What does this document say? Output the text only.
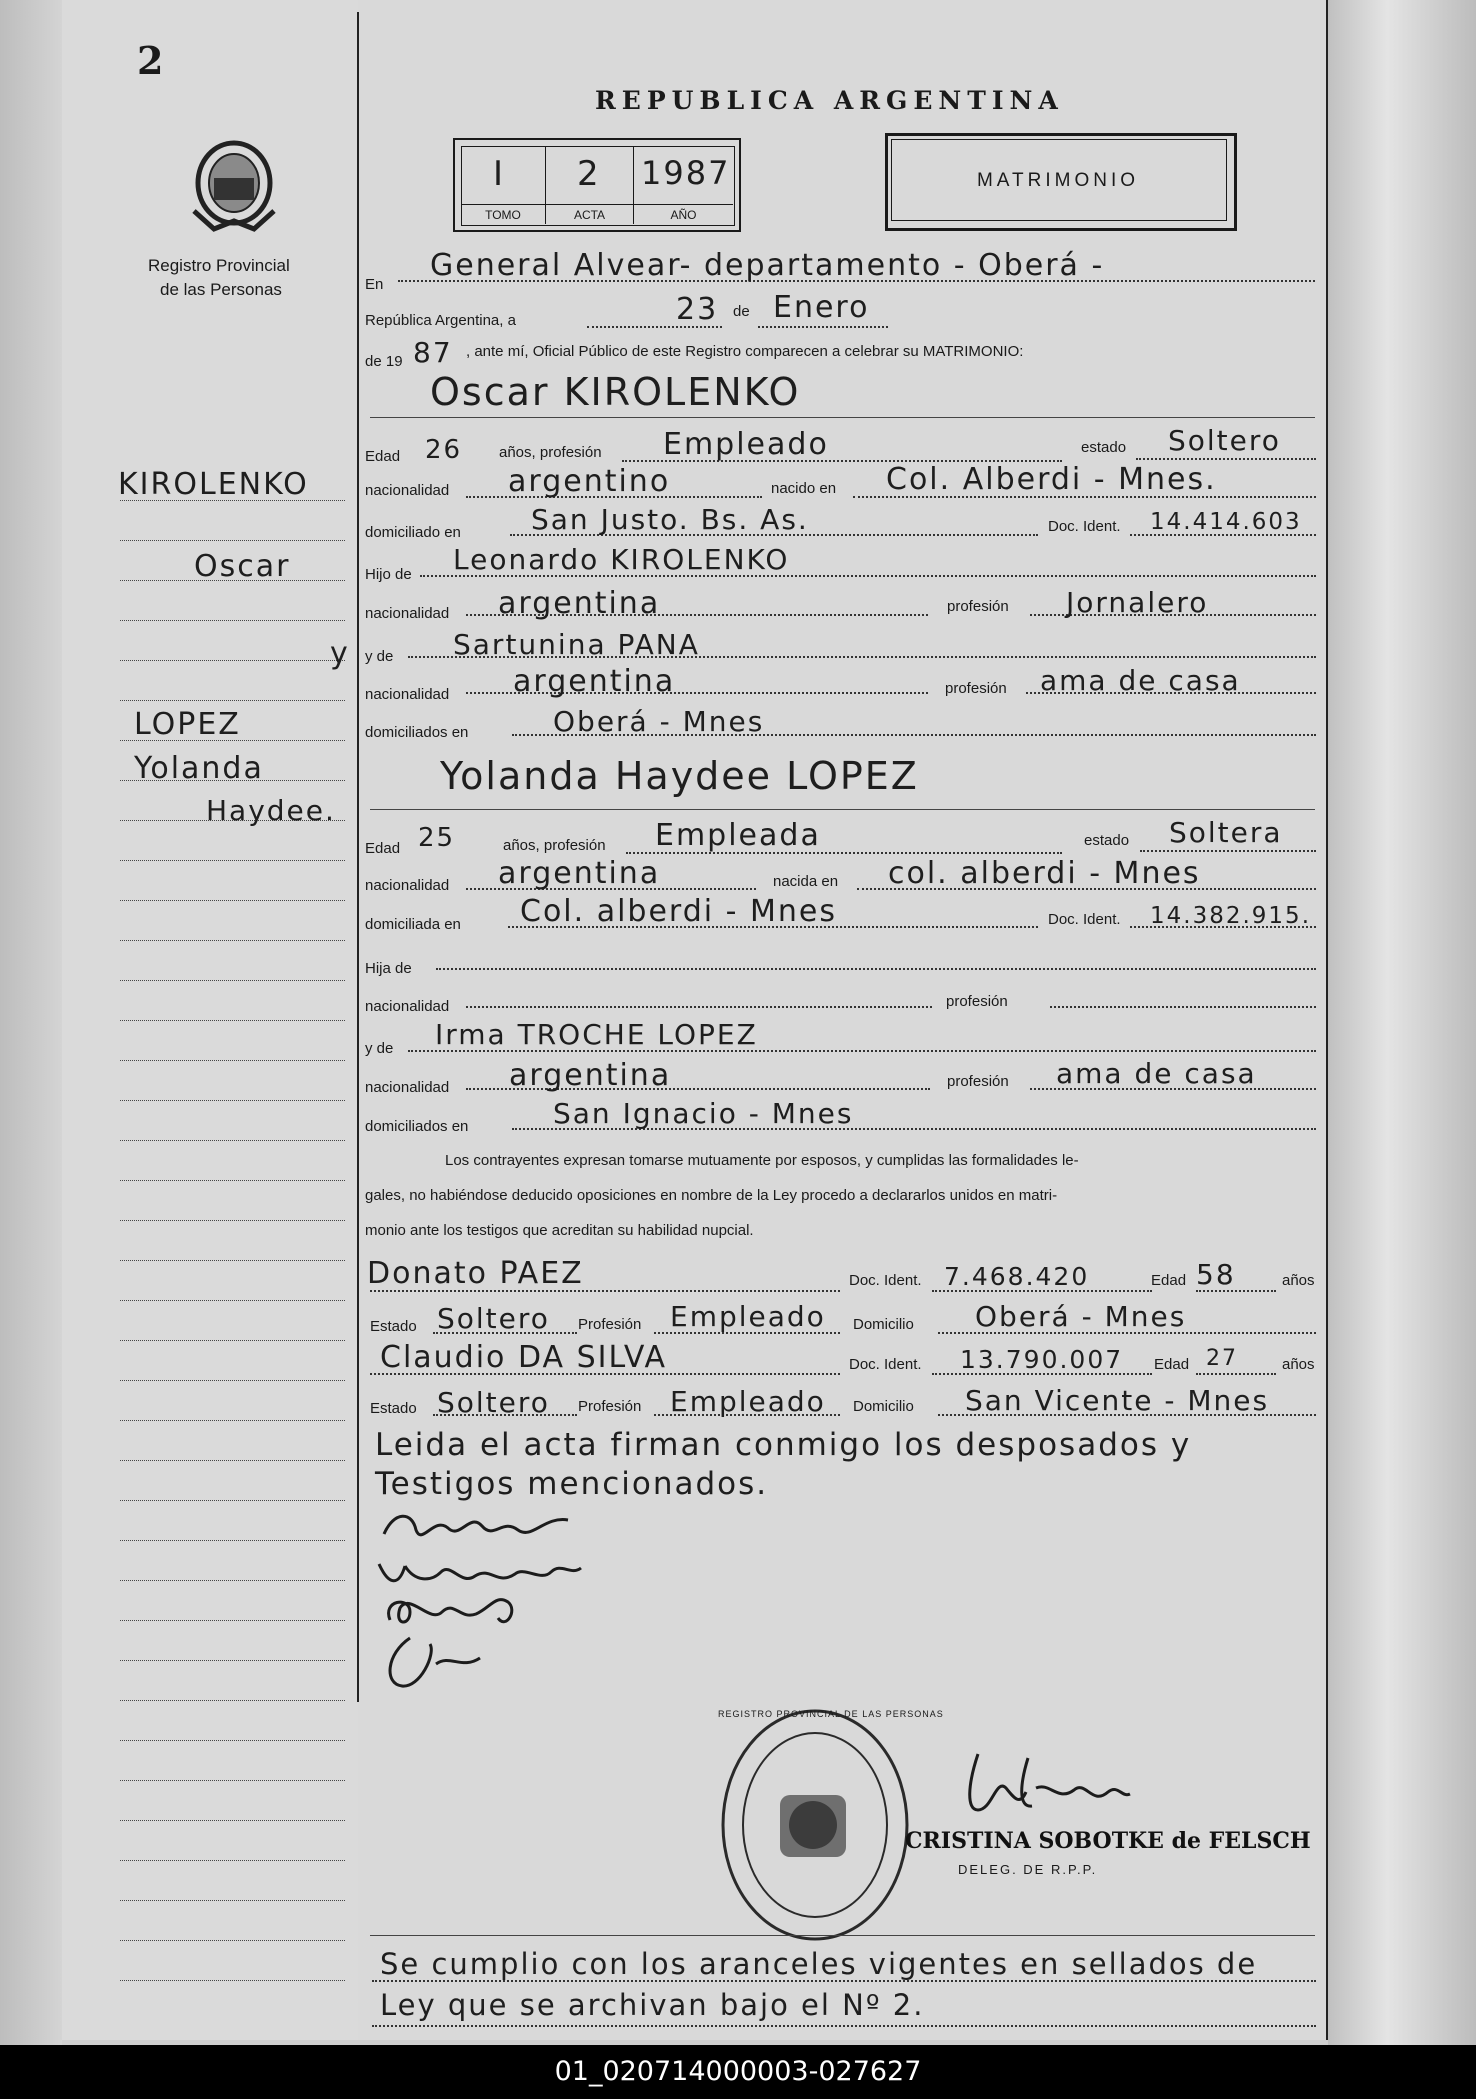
2
Registro Provincial
de las Personas
REPUBLICA ARGENTINA
I 2 1987
TOMO	ACTA	AÑO
MATRIMONIO
KIROLENKO
Oscar
y
LOPEZ
Yolanda
Haydee.
En
General Alvear- departamento - Oberá -
República Argentina, a	23 de Enero
de 19 87 , ante mí, Oficial Público de este Registro comparecen a celebrar su MATRIMONIO:
Oscar KIROLENKO
Edad 26 años, profesión Empleado	estado Soltero
nacionalidad argentino	nacido en Col. Alberdi - Mnes.
domiciliado en	San Justo. Bs. As.	Doc. Ident. 14.414.603
Hijo de Leonardo KIROLENKO
nacionalidad argentina	profesión Jornalero
y de Sartunina PANA
nacionalidad argentina	profesión ama de casa
domiciliados en	Oberá - Mnes
Yolanda Haydee LOPEZ
Edad 25	años, profesión Empleada	estado Soltera
nacionalidad argentina	nacida en col. alberdi - Mnes
domiciliada en Col. alberdi - Mnes	Doc. Ident. 14.382.915.
Hija de
nacionalidad	profesión
y de Irma TROCHE LOPEZ
nacionalidad argentina	profesión ama de casa
domiciliados en	San Ignacio - Mnes
Los contrayentes expresan tomarse mutuamente por esposos, y cumplidas las formalidades le-
gales, no habiéndose deducido oposiciones en nombre de la Ley procedo a declararlos unidos en matri-
monio ante los testigos que acreditan su habilidad nupcial.
Donato PAEZ	Doc. Ident. 7.468.420	Edad 58	años
Estado Soltero Profesión Empleado Domicilio Oberá - Mnes
Claudio DA SILVA	Doc. Ident. 13.790.007 Edad 27	años
Estado Soltero Profesión Empleado Domicilio San Vicente - Mnes
Leida el acta firman conmigo los desposados y
Testigos mencionados.
REGISTRO PROVINCIAL DE LAS PERSONAS
CRISTINA SOBOTKE de FELSCH
DELEG. DE R.P.P.
Se cumplio con los aranceles vigentes en sellados de
Ley que se archivan bajo el Nº 2.
01_020714000003-027627
